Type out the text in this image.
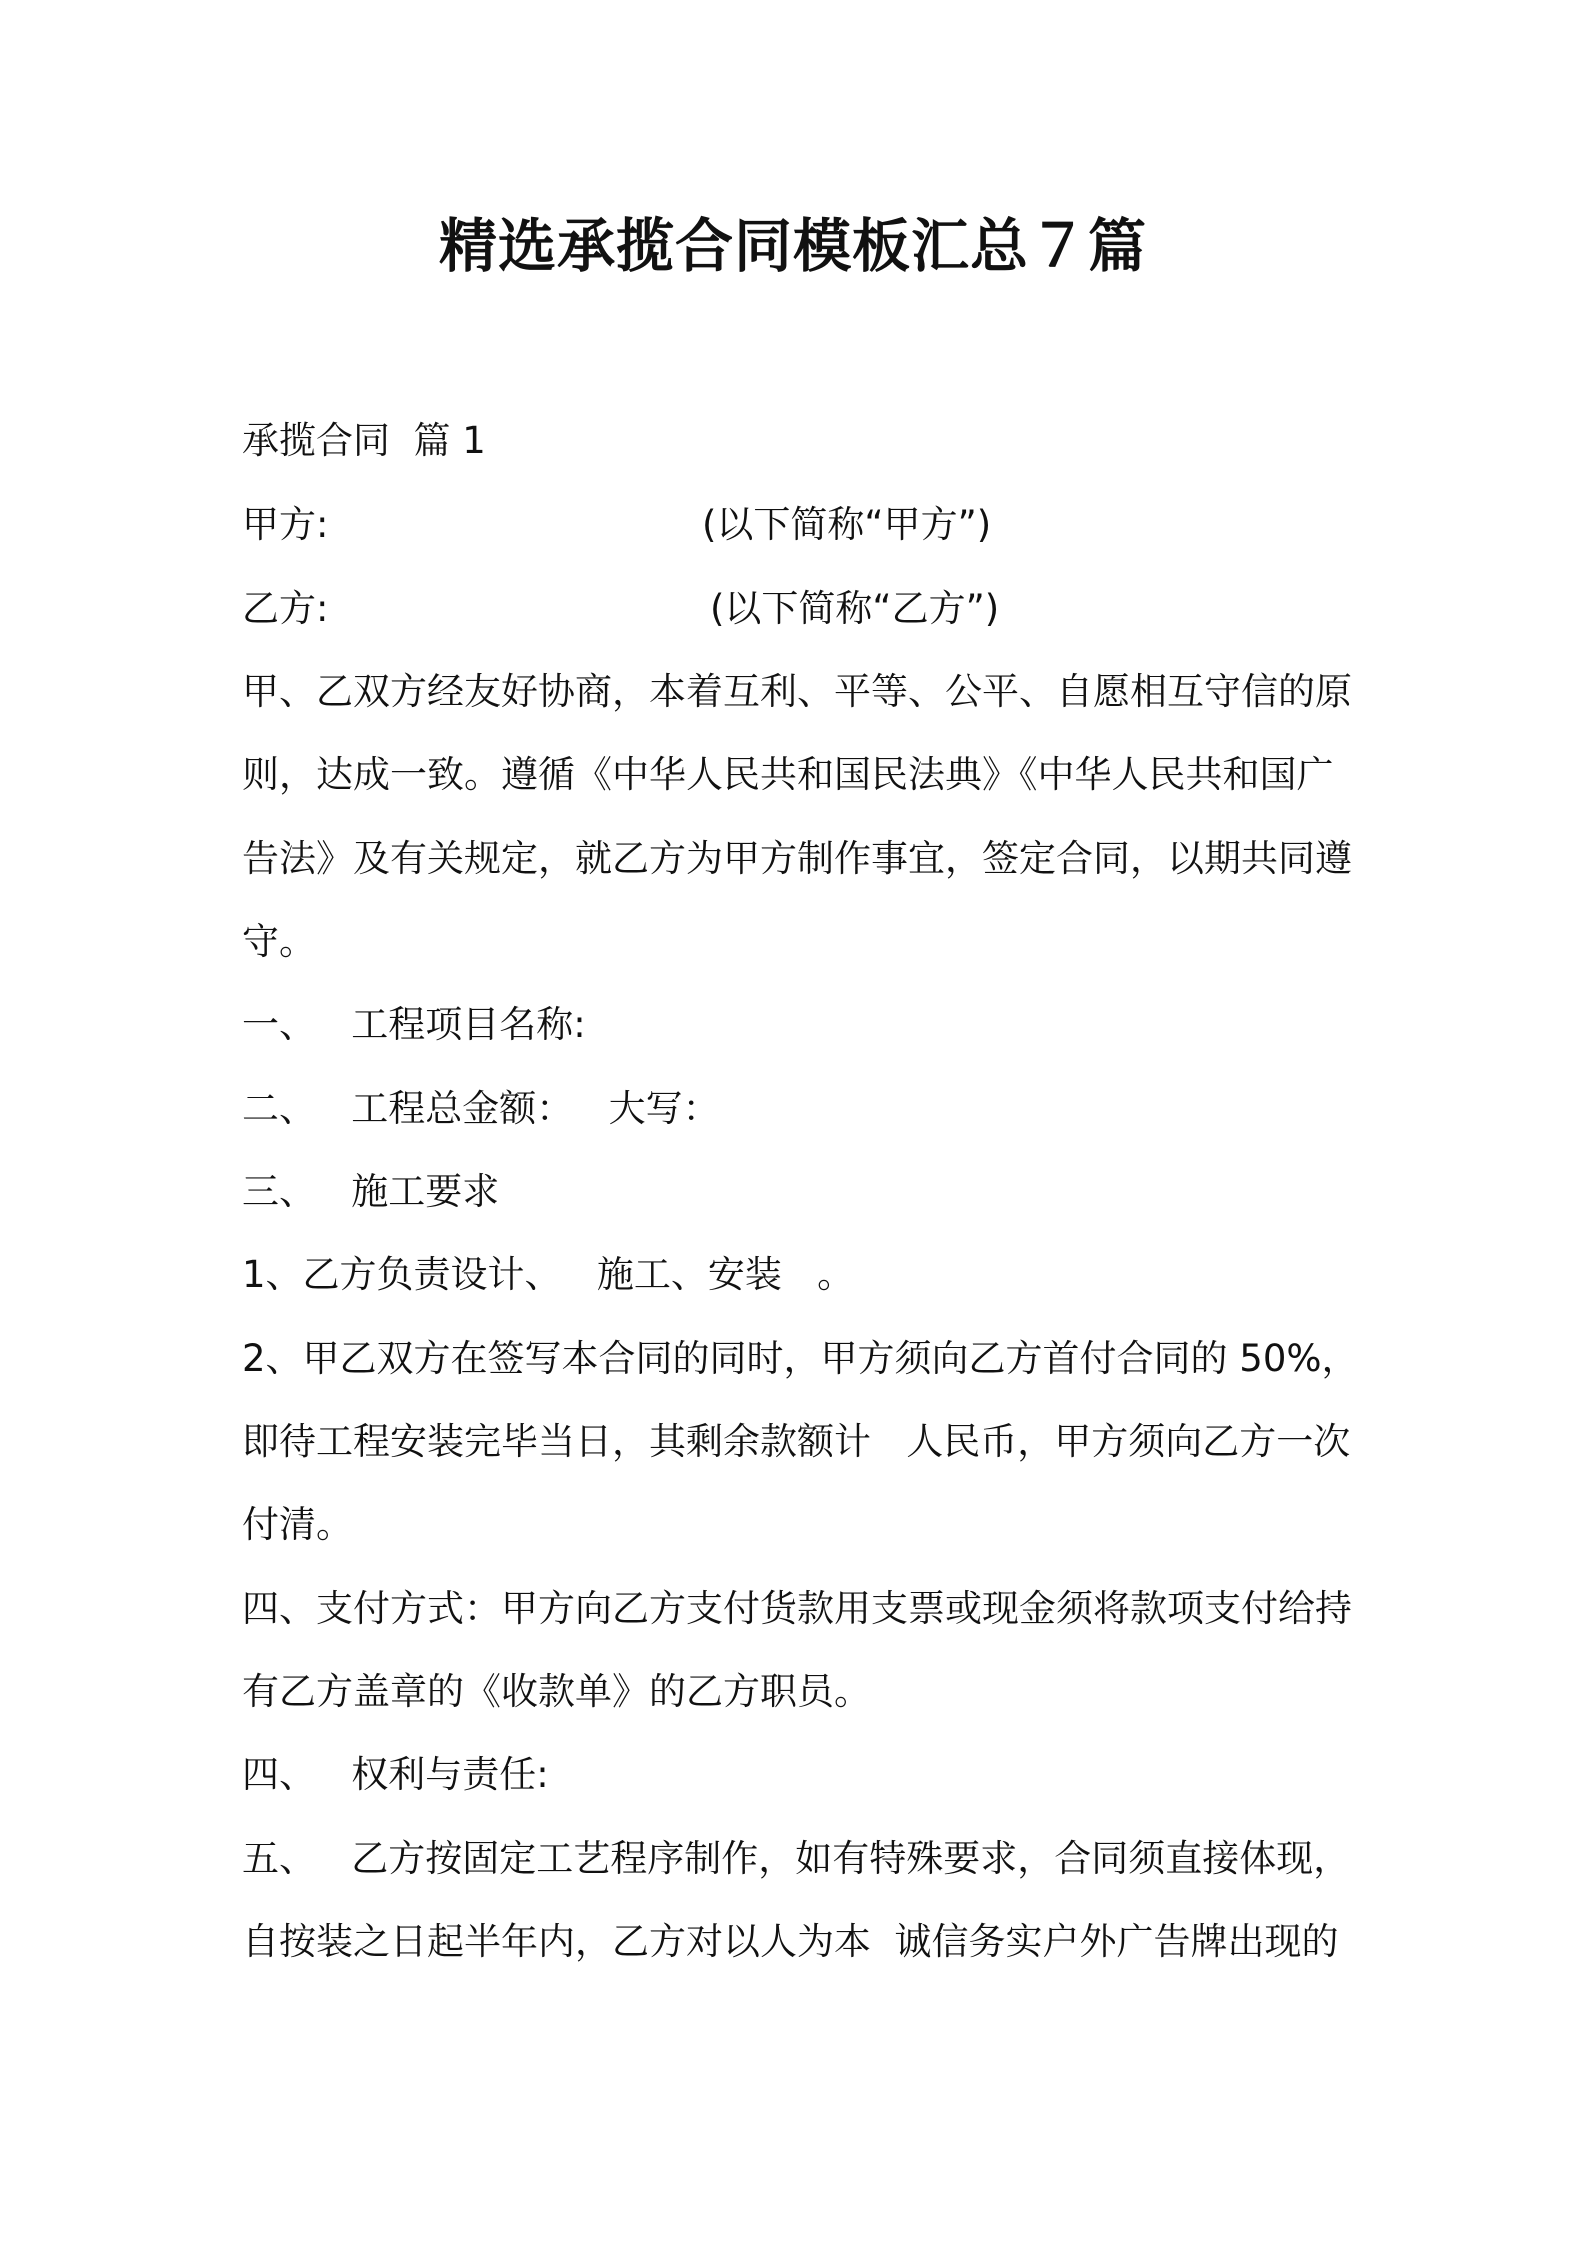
精选承揽合同模板汇总７篇
承揽合同  篇 1
甲方:	(以下简称“甲方”)
乙方:	(以下简称“乙方”)
甲、乙双方经友好协商，本着互利、平等、公平、自愿相互守信的原
则，达成一致。遵循《中华人民共和国民法典》《中华人民共和国广
告法》及有关规定，就乙方为甲方制作事宜，签定合同，以期共同遵
守。
一、   工程项目名称:
二、   工程总金额：   大写：
三、   施工要求
1、乙方负责设计、   施工、安装   。
2、甲乙双方在签写本合同的同时，甲方须向乙方首付合同的 50%，
即待工程安装完毕当日，其剩余款额计   人民币，甲方须向乙方一次
付清。
四、支付方式：甲方向乙方支付货款用支票或现金须将款项支付给持
有乙方盖章的《收款单》的乙方职员。
四、   权利与责任:
五、   乙方按固定工艺程序制作，如有特殊要求，合同须直接体现，
自按装之日起半年内，乙方对以人为本  诚信务实户外广告牌出现的
